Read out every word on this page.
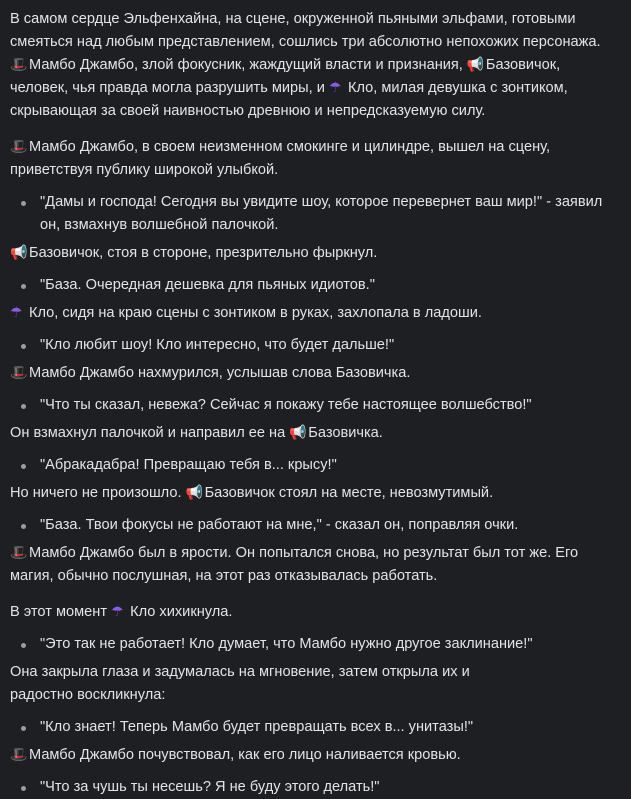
В самом сердце Эльфенхайна, на сцене, окруженной пьяными эльфами, готовыми смеяться над любым представлением, сошлись три абсолютно непохожих персонажа.
🎩 Мамбо Джамбо, злой фокусник, жаждущий власти и признания, 📢 Базовичок, человек, чья правда могла разрушить миры, и ☂ Кло, милая девушка с зонтиком, скрывающая за своей наивностью древнюю и непредсказуемую силу.

🎩 Мамбо Джамбо, в своем неизменном смокинге и цилиндре, вышел на сцену, приветствуя публику широкой улыбкой.

"Дамы и господа! Сегодня вы увидите шоу, которое перевернет ваш мир!" - заявил он, взмахнув волшебной палочкой.

📢 Базовичок, стоя в стороне, презрительно фыркнул.

"База. Очередная дешевка для пьяных идиотов."

☂ Кло, сидя на краю сцены с зонтиком в руках, захлопала в ладоши.

"Кло любит шоу! Кло интересно, что будет дальше!"

🎩 Мамбо Джамбо нахмурился, услышав слова Базовичка.

"Что ты сказал, невежа? Сейчас я покажу тебе настоящее волшебство!"

Он взмахнул палочкой и направил ее на 📢 Базовичка.

"Абракадабра! Превращаю тебя в... крысу!"

Но ничего не произошло. 📢 Базовичок стоял на месте, невозмутимый.

"База. Твои фокусы не работают на мне," - сказал он, поправляя очки.

🎩 Мамбо Джамбо был в ярости. Он попытался снова, но результат был тот же. Его магия, обычно послушная, на этот раз отказывалась работать.

В этот момент ☂ Кло хихикнула.

"Это так не работает! Кло думает, что Мамбо нужно другое заклинание!"

Она закрыла глаза и задумалась на мгновение, затем открыла их и радостно воскликнула:

"Кло знает! Теперь Мамбо будет превращать всех в... унитазы!"

🎩 Мамбо Джамбо почувствовал, как его лицо наливается кровью.

"Что за чушь ты несешь? Я не буду этого делать!"
